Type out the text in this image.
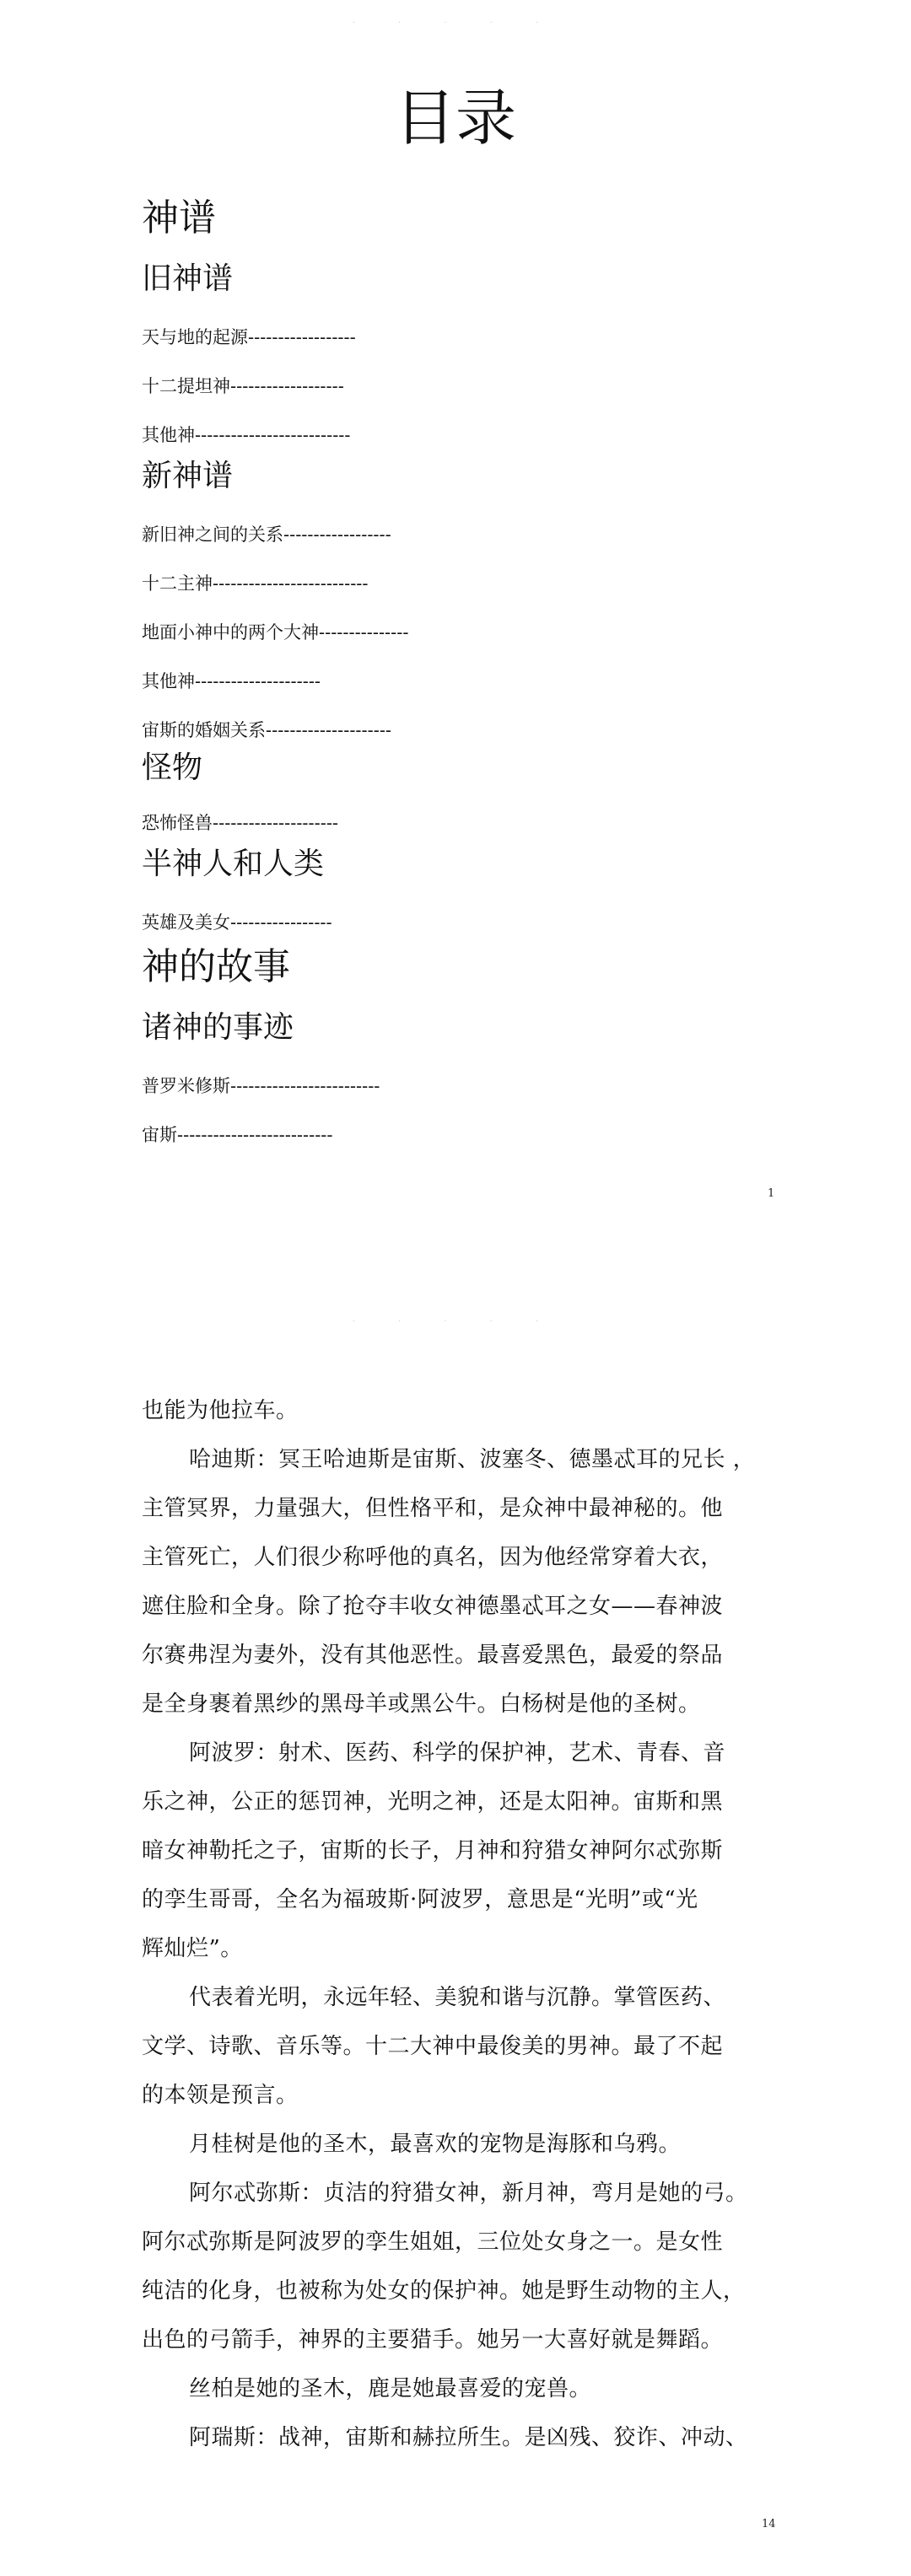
· · · · ·
目录

神谱

旧神谱

天与地的起源------------------

十二提坦神-------------------

其他神--------------------------

新神谱

新旧神之间的关系------------------

十二主神--------------------------

地面小神中的两个大神---------------

其他神---------------------

宙斯的婚姻关系---------------------

怪物

恐怖怪兽---------------------

半神人和人类

英雄及美女-----------------

神的故事

诸神的事迹

普罗米修斯-------------------------

宙斯--------------------------

1
· · · · ·

也能为他拉车。

哈迪斯：冥王哈迪斯是宙斯、波塞冬、德墨忒耳的兄长 ，

主管冥界，力量强大，但性格平和，是众神中最神秘的。他

主管死亡，人们很少称呼他的真名，因为他经常穿着大衣，

遮住脸和全身。除了抢夺丰收女神德墨忒耳之女——春神波

尔赛弗涅为妻外，没有其他恶性。最喜爱黑色，最爱的祭品

是全身裹着黑纱的黑母羊或黑公牛。白杨树是他的圣树。

阿波罗：射术、医药、科学的保护神，艺术、青春、音

乐之神，公正的惩罚神，光明之神，还是太阳神。宙斯和黑

暗女神勒托之子，宙斯的长子，月神和狩猎女神阿尔忒弥斯

的孪生哥哥，全名为福玻斯·阿波罗，意思是“光明”或“光

辉灿烂”。

代表着光明，永远年轻、美貌和谐与沉静。掌管医药、

文学、诗歌、音乐等。十二大神中最俊美的男神。最了不起

的本领是预言。

月桂树是他的圣木，最喜欢的宠物是海豚和乌鸦。

阿尔忒弥斯：贞洁的狩猎女神，新月神，弯月是她的弓。

阿尔忒弥斯是阿波罗的孪生姐姐，三位处女身之一。是女性

纯洁的化身，也被称为处女的保护神。她是野生动物的主人，

出色的弓箭手，神界的主要猎手。她另一大喜好就是舞蹈。

丝柏是她的圣木，鹿是她最喜爱的宠兽。

阿瑞斯：战神，宙斯和赫拉所生。是凶残、狡诈、冲动、

14
